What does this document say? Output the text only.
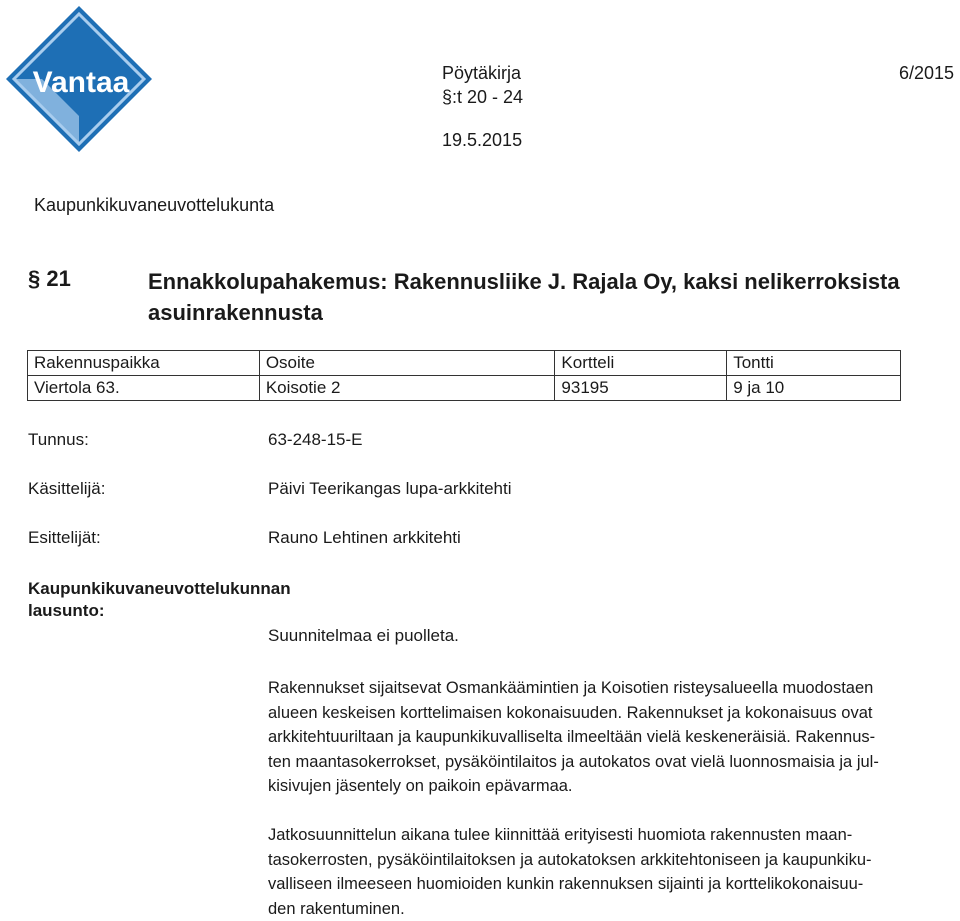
Vantaa	Pöytäkirja	6/2015
§:t 20 - 24
19.5.2015
Kaupunkikuvaneuvottelukunta
§ 21	Ennakkolupahakemus: Rakennusliike J. Rajala Oy, kaksi nelikerroksista asuinrakennusta
Rakennuspaikka	Osoite	Kortteli	Tontti
Viertola 63.	Koisotie 2	93195	9 ja 10
Tunnus:	63-248-15-E
Käsittelijä:	Päivi Teerikangas lupa-arkkitehti
Esittelijät:	Rauno Lehtinen arkkitehti
Kaupunkikuvaneuvottelukunnan
lausunto:
Suunnitelmaa ei puolleta.

Rakennukset sijaitsevat Osmankäämintien ja Koisotien risteysalueella muodostaen

alueen keskeisen korttelimaisen kokonaisuuden. Rakennukset ja kokonaisuus ovat

arkkitehtuuriltaan ja kaupunkikuvalliselta ilmeeltään vielä keskeneräisiä. Rakennus-

ten maantasokerrokset, pysäköintilaitos ja autokatos ovat vielä luonnosmaisia ja jul-

kisivujen jäsentely on paikoin epävarmaa.

Jatkosuunnittelun aikana tulee kiinnittää erityisesti huomiota rakennusten maan-

tasokerrosten, pysäköintilaitoksen ja autokatoksen arkkitehtoniseen ja kaupunkiku-

valliseen ilmeeseen huomioiden kunkin rakennuksen sijainti ja korttelikokonaisuu-

den rakentuminen.
